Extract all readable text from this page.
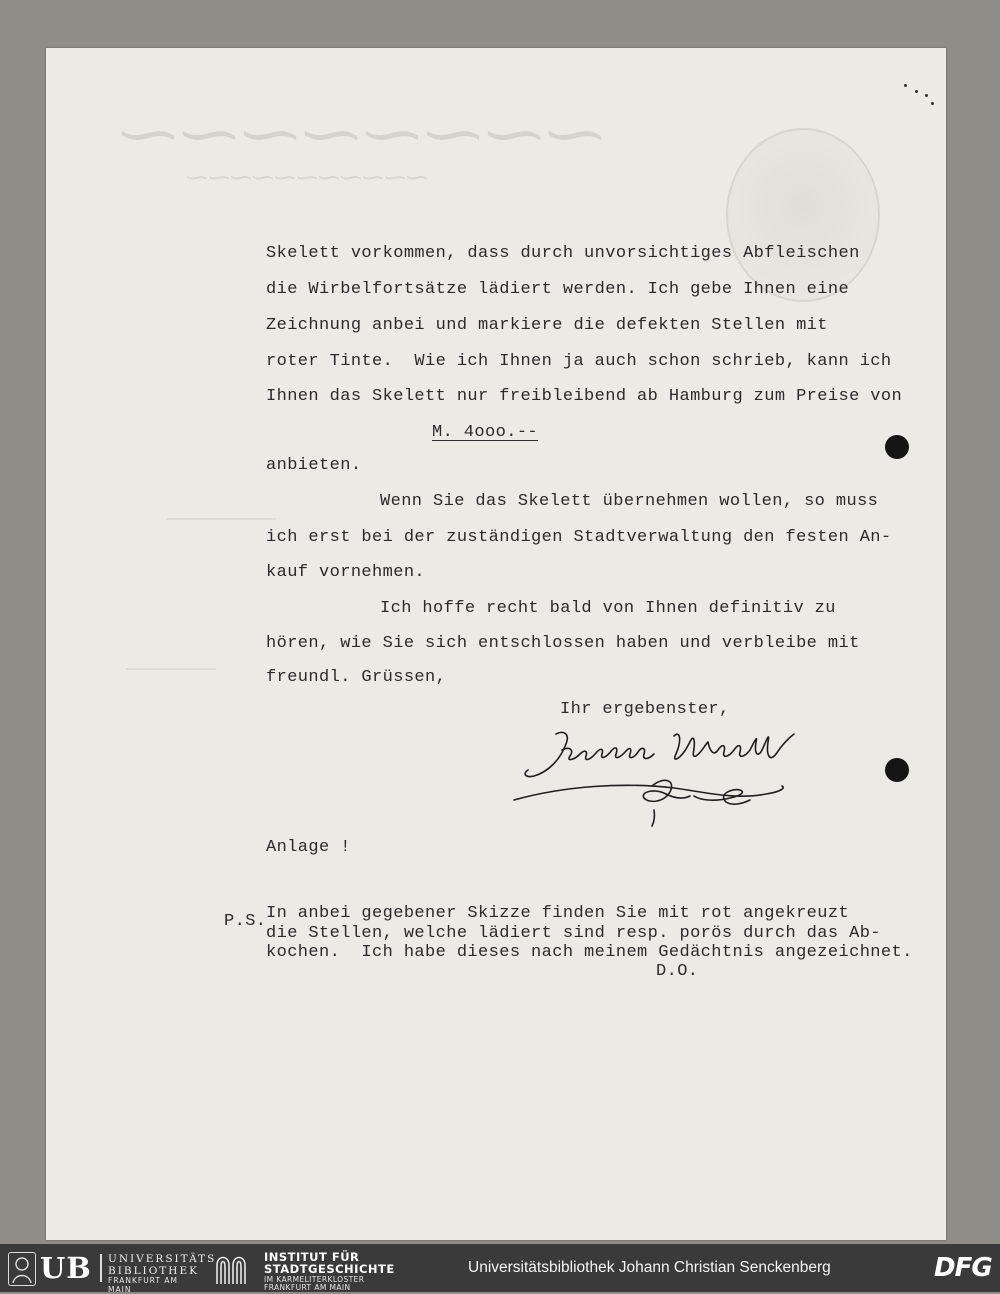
⁓⁓⁓⁓⁓⁓⁓⁓
⁓⁓⁓⁓⁓⁓⁓⁓⁓⁓⁓
Skelett vorkommen, dass durch unvorsichtiges Abfleischen
die Wirbelfortsätze lädiert werden. Ich gebe Ihnen eine
Zeichnung anbei und markiere die defekten Stellen mit
roter Tinte.  Wie ich Ihnen ja auch schon schrieb, kann ich
Ihnen das Skelett nur freibleibend ab Hamburg zum Preise von
M. 4ooo.--
anbieten.
Wenn Sie das Skelett übernehmen wollen, so muss
ich erst bei der zuständigen Stadtverwaltung den festen An-
kauf vornehmen.
Ich hoffe recht bald von Ihnen definitiv zu
hören, wie Sie sich entschlossen haben und verbleibe mit
freundl. Grüssen,
Ihr ergebenster,
Anlage !
P.S. In anbei gegebener Skizze finden Sie mit rot angekreuzt
die Stellen, welche lädiert sind resp. porös durch das Ab-
kochen.  Ich habe dieses nach meinem Gedächtnis angezeichnet.
D.O.
UB UNIVERSITÄTS
BIBLIOTHEK
FRANKFURT AM MAIN
INSTITUT FÜR
STADTGESCHICHTE
IM KARMELITERKLOSTER
FRANKFURT AM MAIN
Universitätsbibliothek Johann Christian Senckenberg	DFG
